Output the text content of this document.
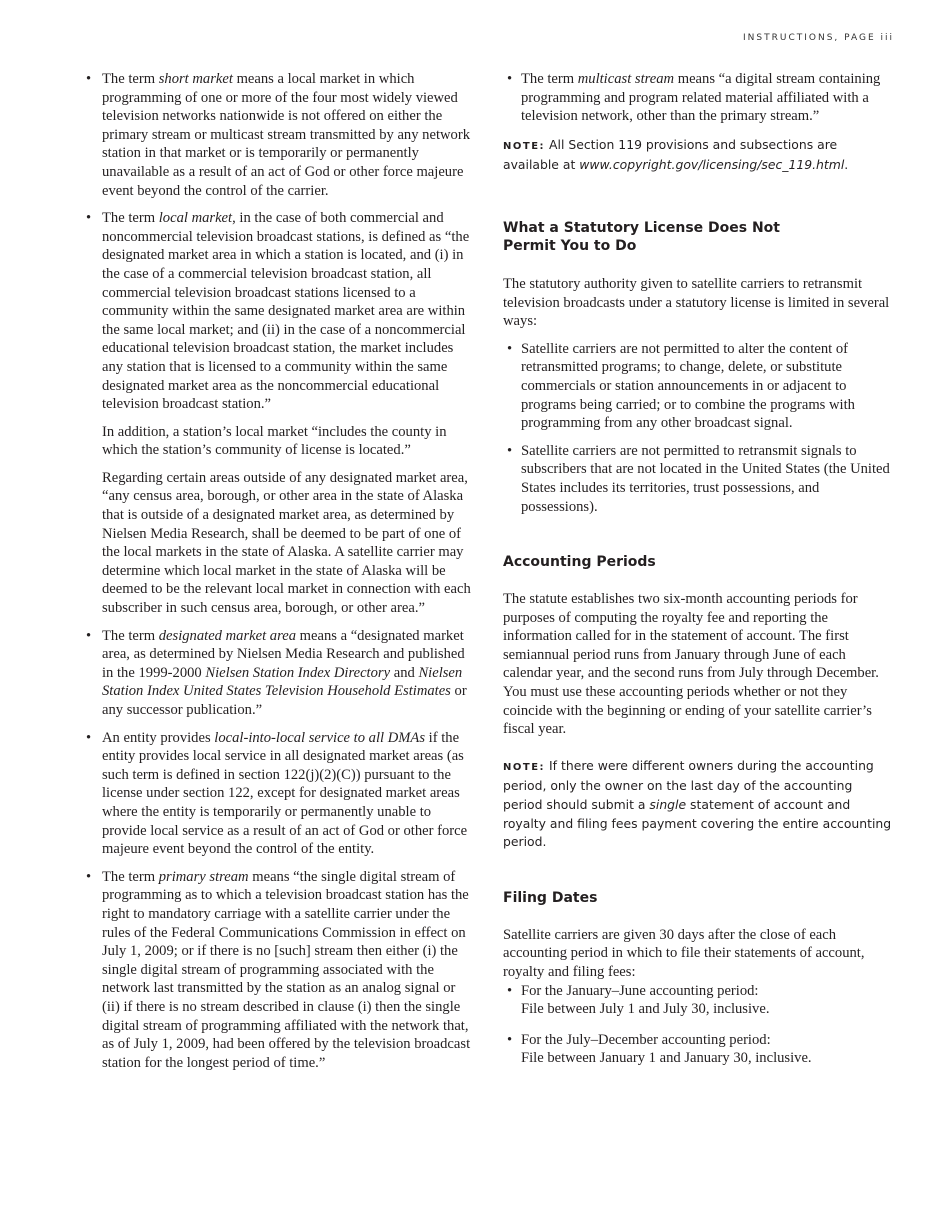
INSTRUCTIONS, PAGE iii
• The term short market means a local market in which programming of one or more of the four most widely viewed television networks nationwide is not offered on either the primary stream or multicast stream transmitted by any network station in that market or is temporarily or permanently unavailable as a result of an act of God or other force majeure event beyond the control of the carrier.
• The term local market, in the case of both commercial and noncommercial television broadcast stations, is defined as “the designated market area in which a station is located, and (i) in the case of a commercial television broadcast station, all commercial television broadcast stations licensed to a community within the same designated market area are within the same local market; and (ii) in the case of a noncommercial educational television broadcast station, the market includes any station that is licensed to a community within the same designated market area as the noncommercial educational television broadcast station.”

In addition, a station’s local market “includes the county in which the station’s community of license is located.”

Regarding certain areas outside of any designated market area, “any census area, borough, or other area in the state of Alaska that is outside of a designated market area, as determined by Nielsen Media Research, shall be deemed to be part of one of the local markets in the state of Alaska. A satellite carrier may determine which local market in the state of Alaska will be deemed to be the relevant local market in connection with each subscriber in such census area, borough, or other area.”

• The term designated market area means a “designated market area, as determined by Nielsen Media Research and published in the 1999-2000 Nielsen Station Index Directory and Nielsen Station Index United States Television Household Estimates or any successor publication.”
• An entity provides local-into-local service to all DMAs if the entity provides local service in all designated market areas (as such term is defined in section 122(j)(2)(C)) pursuant to the license under section 122, except for designated market areas where the entity is temporarily or permanently unable to provide local service as a result of an act of God or other force majeure event beyond the control of the entity.
• The term primary stream means “the single digital stream of programming as to which a television broadcast station has the right to mandatory carriage with a satellite carrier under the rules of the Federal Communications Commission in effect on July 1, 2009; or if there is no [such] stream then either (i) the single digital stream of programming associated with the network last transmitted by the station as an analog signal or (ii) if there is no stream described in clause (i) then the single digital stream of programming affiliated with the network that, as of July 1, 2009, had been offered by the television broadcast station for the longest period of time.”
• The term multicast stream means “a digital stream containing programming and program related material affiliated with a television network, other than the primary stream.”

NOTE: All Section 119 provisions and subsections are available at www.copyright.gov/licensing/sec_119.html.

What a Statutory License Does Not
Permit You to Do

The statutory authority given to satellite carriers to retransmit television broadcasts under a statutory license is limited in several ways:

• Satellite carriers are not permitted to alter the content of retransmitted programs; to change, delete, or substitute commercials or station announcements in or adjacent to programs being carried; or to combine the programs with programming from any other broadcast signal.
• Satellite carriers are not permitted to retransmit signals to subscribers that are not located in the United States (the United States includes its territories, trust possessions, and possessions).
Accounting Periods

The statute establishes two six-month accounting periods for purposes of computing the royalty fee and reporting the information called for in the statement of account. The first semiannual period runs from January through June of each calendar year, and the second runs from July through December. You must use these accounting periods whether or not they coincide with the beginning or ending of your satellite carrier’s fiscal year.

NOTE: If there were different owners during the accounting period, only the owner on the last day of the accounting period should submit a single statement of account and royalty and filing fees payment covering the entire accounting period.

Filing Dates

Satellite carriers are given 30 days after the close of each accounting period in which to file their statements of account, royalty and filing fees:

• For the January–June accounting period:
File between July 1 and July 30, inclusive.
• For the July–December accounting period:
File between January 1 and January 30, inclusive.
